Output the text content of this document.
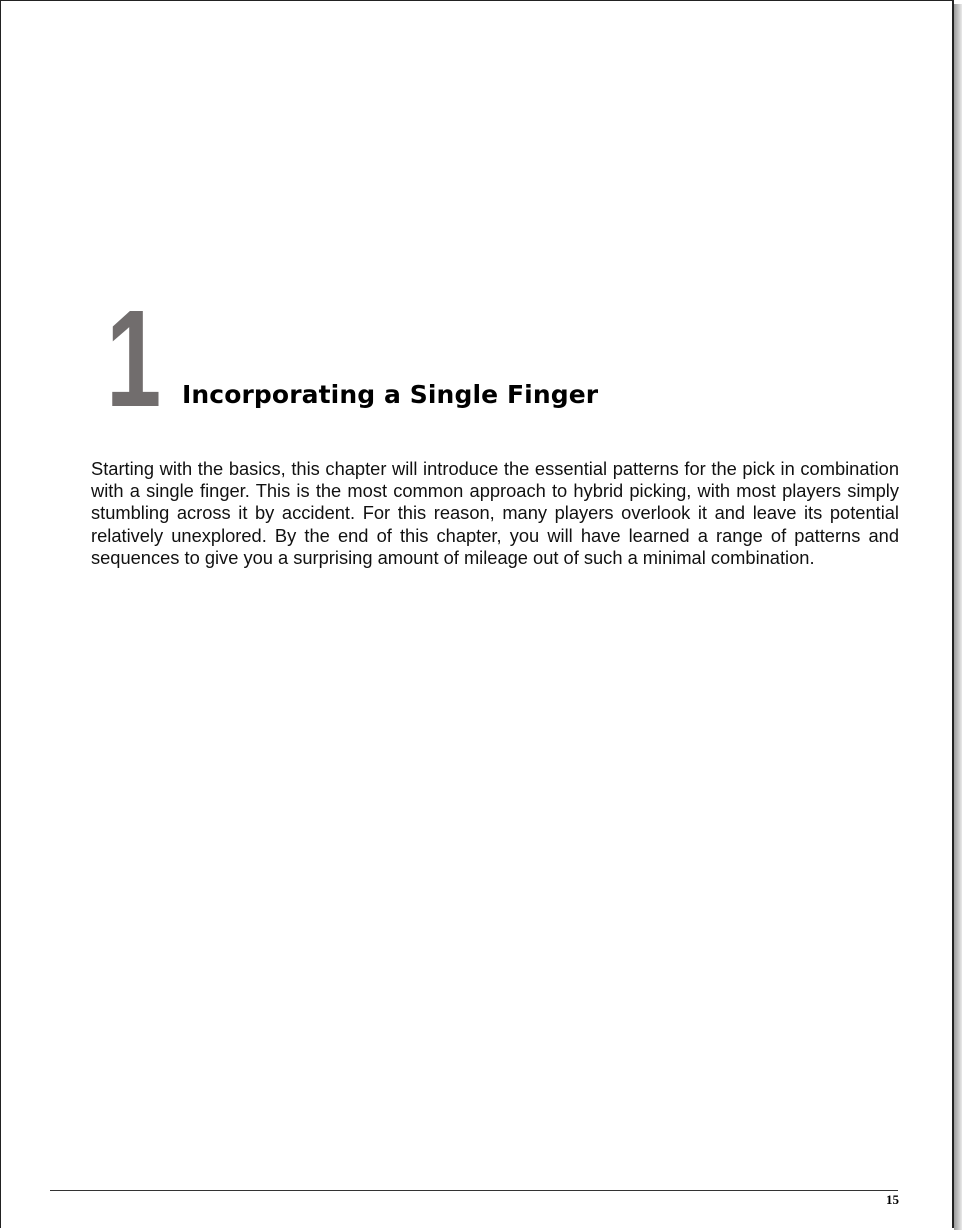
1 Incorporating a Single Finger

Starting with the basics, this chapter will introduce the essential patterns for the pick in combination with a single finger. This is the most common approach to hybrid picking, with most players simply stumbling across it by accident. For this reason, many players overlook it and leave its potential relatively unexplored. By the end of this chapter, you will have learned a range of patterns and sequences to give you a surprising amount of mileage out of such a minimal combination.

15
